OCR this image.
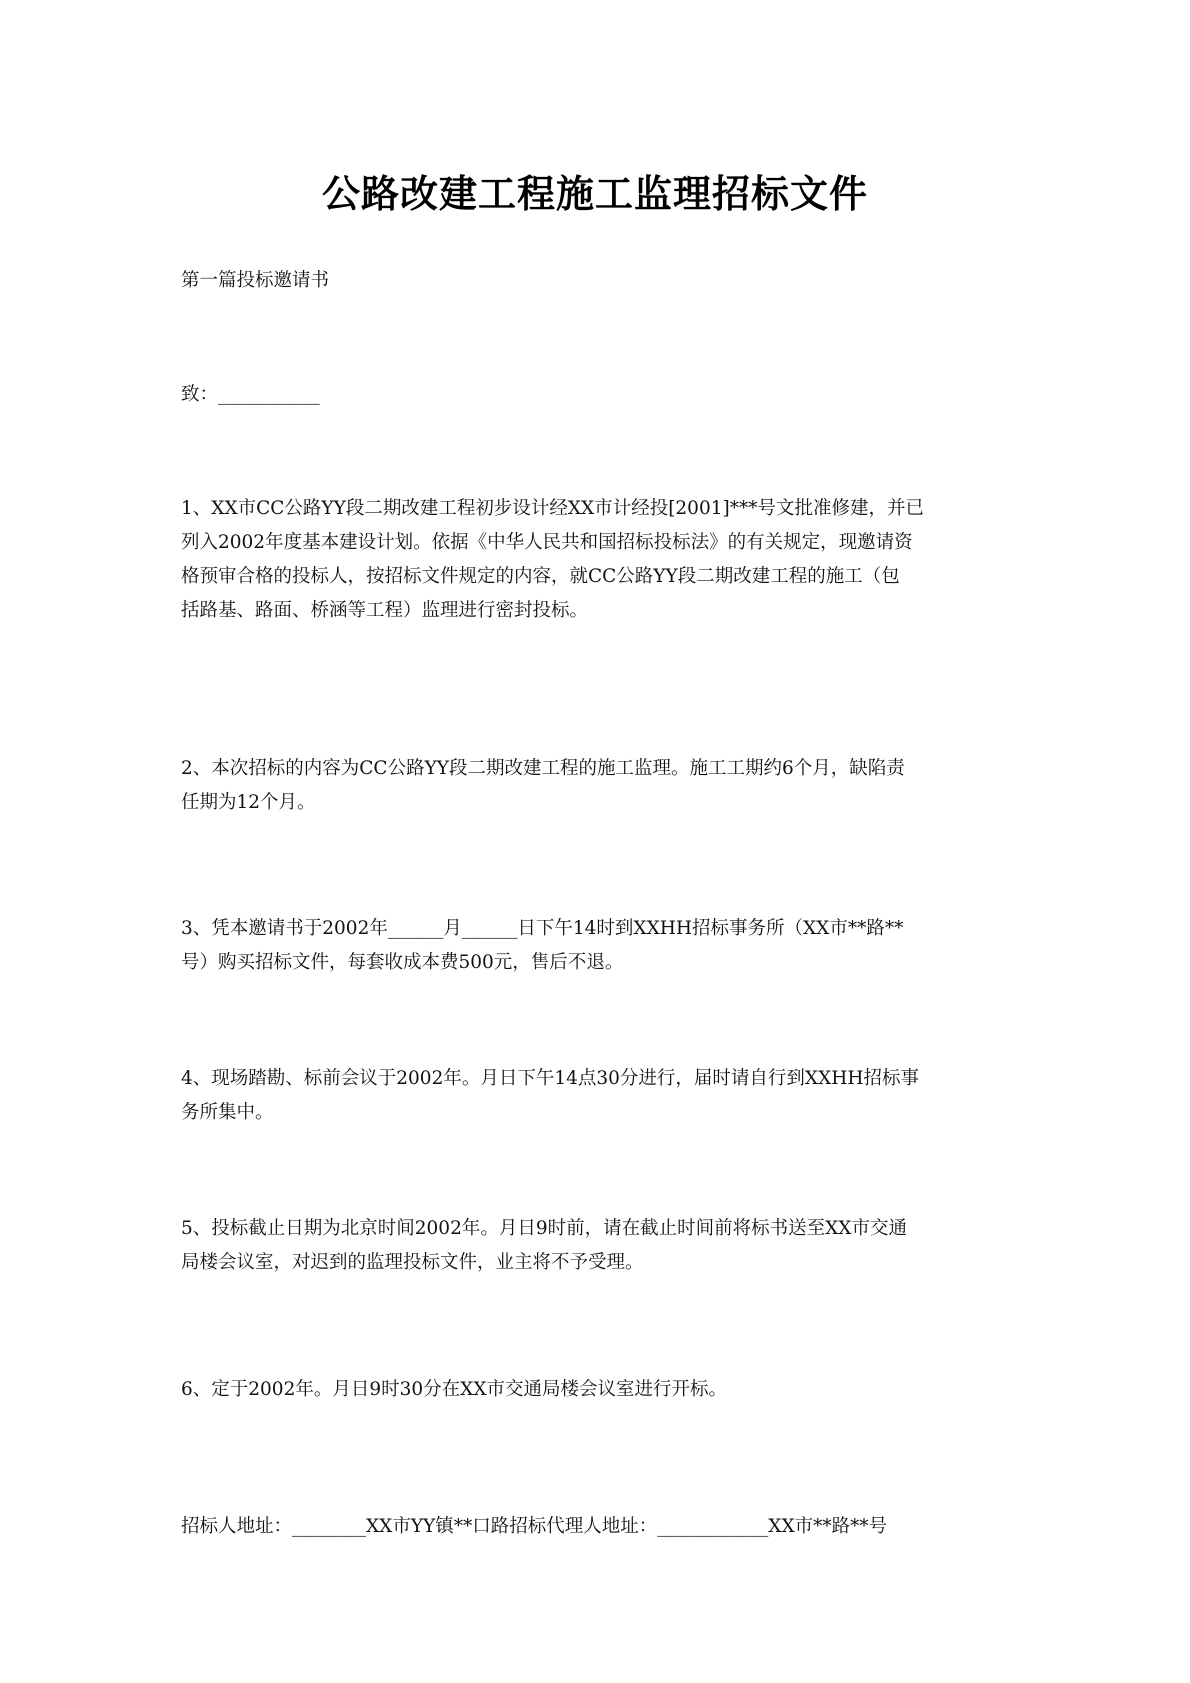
公路改建工程施工监理招标文件

第一篇投标邀请书

致：___________

1、XX市CC公路YY段二期改建工程初步设计经XX市计经投[2001]***号文批准修建，并已
列入2002年度基本建设计划。依据《中华人民共和国招标投标法》的有关规定，现邀请资
格预审合格的投标人，按招标文件规定的内容，就CC公路YY段二期改建工程的施工（包
括路基、路面、桥涵等工程）监理进行密封投标。
2、本次招标的内容为CC公路YY段二期改建工程的施工监理。施工工期约6个月，缺陷责
任期为12个月。
3、凭本邀请书于2002年______月______日下午14时到XXHH招标事务所（XX市**路**
号）购买招标文件，每套收成本费500元，售后不退。
4、现场踏勘、标前会议于2002年。月日下午14点30分进行，届时请自行到XXHH招标事
务所集中。
5、投标截止日期为北京时间2002年。月日9时前，请在截止时间前将标书送至XX市交通
局楼会议室，对迟到的监理投标文件，业主将不予受理。
6、定于2002年。月日9时30分在XX市交通局楼会议室进行开标。

招标人地址：________XX市YY镇**口路招标代理人地址：____________XX市**路**号
